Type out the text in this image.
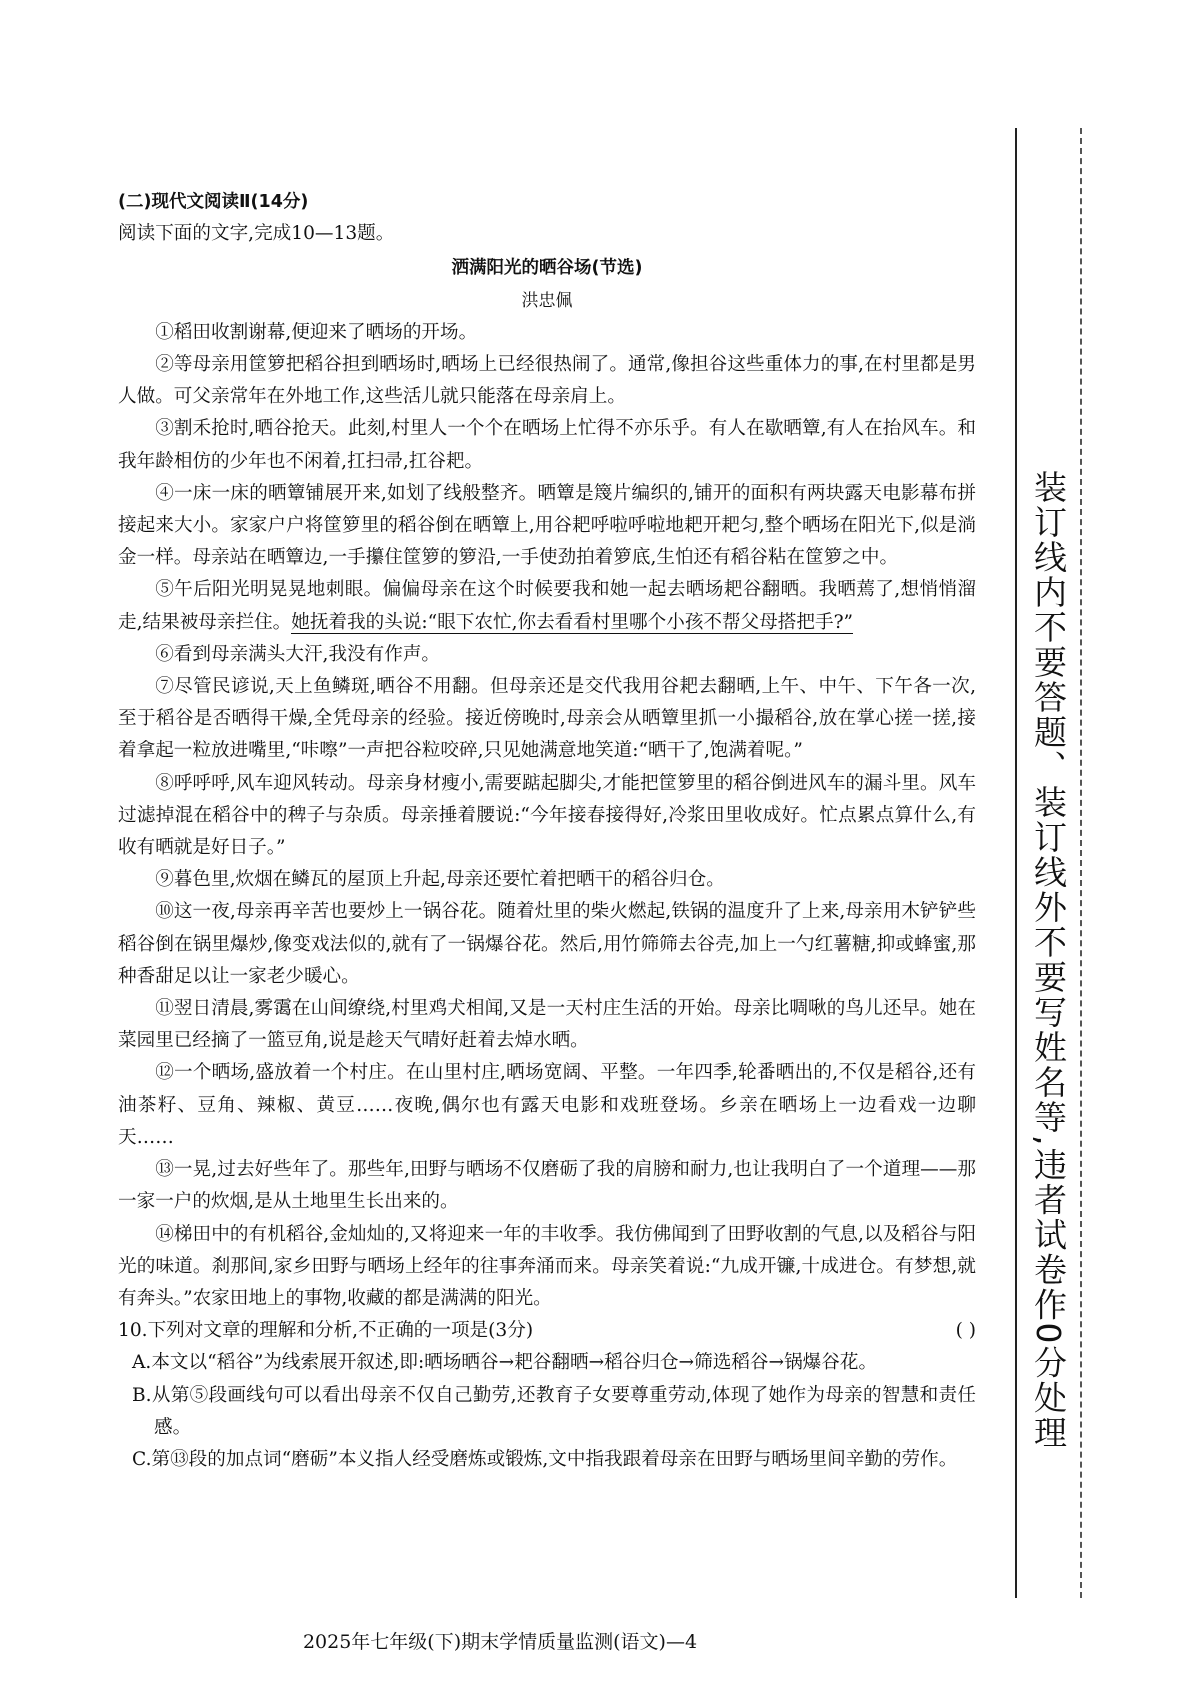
(二)现代文阅读Ⅱ(14分)

阅读下面的文字,完成10—13题。

洒满阳光的晒谷场(节选)
洪忠佩

①稻田收割谢幕,便迎来了晒场的开场。

②等母亲用筐箩把稻谷担到晒场时,晒场上已经很热闹了。通常,像担谷这些重体力的事,在村里都是男人做。可父亲常年在外地工作,这些活儿就只能落在母亲肩上。

③割禾抢时,晒谷抢天。此刻,村里人一个个在晒场上忙得不亦乐乎。有人在歇晒簟,有人在抬风车。和我年龄相仿的少年也不闲着,扛扫帚,扛谷耙。

④一床一床的晒簟铺展开来,如划了线般整齐。晒簟是篾片编织的,铺开的面积有两块露天电影幕布拼接起来大小。家家户户将筐箩里的稻谷倒在晒簟上,用谷耙呼啦呼啦地耙开耙匀,整个晒场在阳光下,似是淌金一样。母亲站在晒簟边,一手攥住筐箩的箩沿,一手使劲拍着箩底,生怕还有稻谷粘在筐箩之中。

⑤午后阳光明晃晃地刺眼。偏偏母亲在这个时候要我和她一起去晒场耙谷翻晒。我晒蔫了,想悄悄溜走,结果被母亲拦住。她抚着我的头说:“眼下农忙,你去看看村里哪个小孩不帮父母搭把手?”

⑥看到母亲满头大汗,我没有作声。

⑦尽管民谚说,天上鱼鳞斑,晒谷不用翻。但母亲还是交代我用谷耙去翻晒,上午、中午、下午各一次,至于稻谷是否晒得干燥,全凭母亲的经验。接近傍晚时,母亲会从晒簟里抓一小撮稻谷,放在掌心搓一搓,接着拿起一粒放进嘴里,“咔嚓”一声把谷粒咬碎,只见她满意地笑道:“晒干了,饱满着呢。”

⑧呼呼呼,风车迎风转动。母亲身材瘦小,需要踮起脚尖,才能把筐箩里的稻谷倒进风车的漏斗里。风车过滤掉混在稻谷中的稗子与杂质。母亲捶着腰说:“今年接春接得好,冷浆田里收成好。忙点累点算什么,有收有晒就是好日子。”

⑨暮色里,炊烟在鳞瓦的屋顶上升起,母亲还要忙着把晒干的稻谷归仓。

⑩这一夜,母亲再辛苦也要炒上一锅谷花。随着灶里的柴火燃起,铁锅的温度升了上来,母亲用木铲铲些稻谷倒在锅里爆炒,像变戏法似的,就有了一锅爆谷花。然后,用竹筛筛去谷壳,加上一勺红薯糖,抑或蜂蜜,那种香甜足以让一家老少暖心。

⑪翌日清晨,雾霭在山间缭绕,村里鸡犬相闻,又是一天村庄生活的开始。母亲比啁啾的鸟儿还早。她在菜园里已经摘了一篮豆角,说是趁天气晴好赶着去焯水晒。

⑫一个晒场,盛放着一个村庄。在山里村庄,晒场宽阔、平整。一年四季,轮番晒出的,不仅是稻谷,还有油茶籽、豆角、辣椒、黄豆……夜晚,偶尔也有露天电影和戏班登场。乡亲在晒场上一边看戏一边聊天……

⑬一晃,过去好些年了。那些年,田野与晒场不仅磨砺了我的肩膀和耐力,也让我明白了一个道理——那一家一户的炊烟,是从土地里生长出来的。

⑭梯田中的有机稻谷,金灿灿的,又将迎来一年的丰收季。我仿佛闻到了田野收割的气息,以及稻谷与阳光的味道。刹那间,家乡田野与晒场上经年的往事奔涌而来。母亲笑着说:“九成开镰,十成进仓。有梦想,就有奔头。”农家田地上的事物,收藏的都是满满的阳光。

10.下列对文章的理解和分析,不正确的一项是(3分)	( )

A.本文以“稻谷”为线索展开叙述,即:晒场晒谷→耙谷翻晒→稻谷归仓→筛选稻谷→锅爆谷花。

B.从第⑤段画线句可以看出母亲不仅自己勤劳,还教育子女要尊重劳动,体现了她作为母亲的智慧和责任感。

C.第⑬段的加点词“磨砺”本义指人经受磨炼或锻炼,文中指我跟着母亲在田野与晒场里间辛勤的劳作。

2025年七年级(下)期末学情质量监测(语文)—4
装订线内不要答题、装订线外不要写姓名等,违者试卷作0分处理
